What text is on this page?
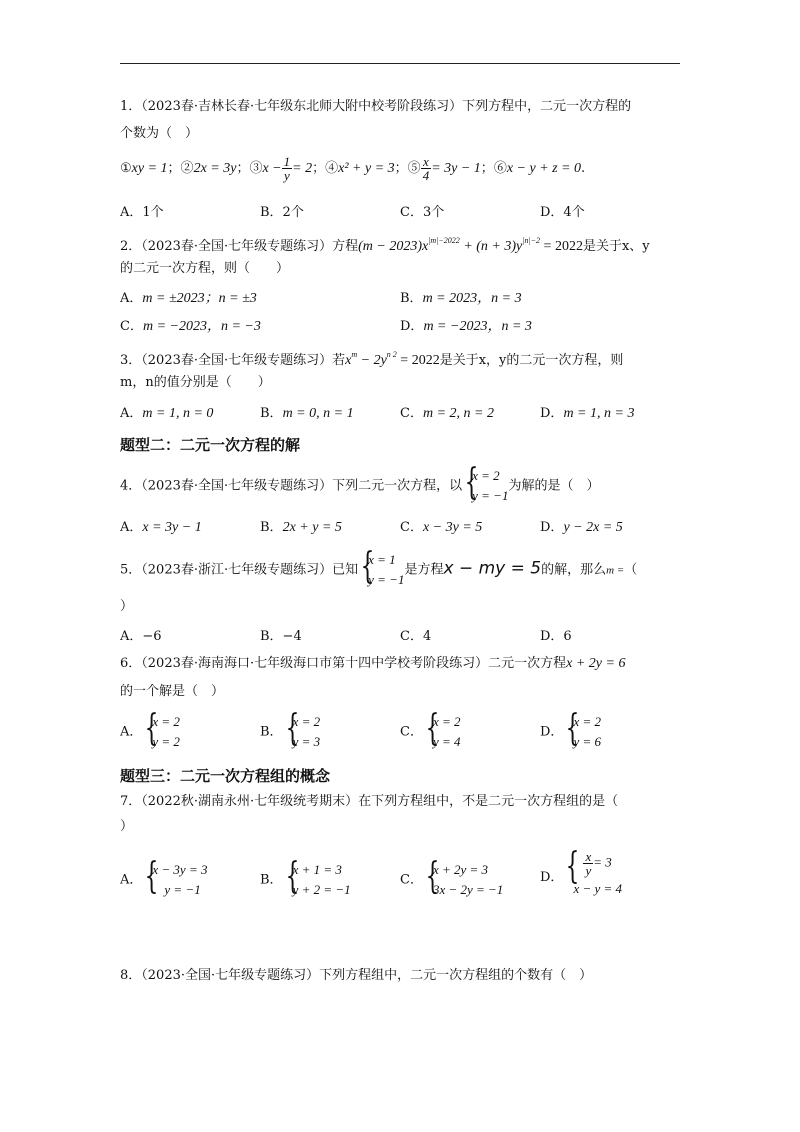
1．（2023春·吉林长春·七年级东北师大附中校考阶段练习）下列方程中，二元一次方程的
个数为（　）
①xy = 1；②2x = 3y；③x − $\frac{1}{y} = 2$；④x² + y = 3；⑤ $\frac{x}{4} = 3y - 1$；⑥x − y + z = 0.
A．1个	B．2个	C．3个	D．4个
2．（2023春·全国·七年级专题练习）方程$(m - 2023)x^{|m|-2022} + (n + 3)y^{|n|-2} = 2022$是关于x、y
的二元一次方程，则（　　）
A．m = ±2023；n = ±3	B．m = 2023，n = 3
C．m = −2023，n = −3	D．m = −2023，n = 3
3．（2023春·全国·七年级专题练习）若$x^m - 2y^{n 2} = 2022$是关于x，y的二元一次方程，则
m，n的值分别是（　　）
A．m = 1, n = 0	B．m = 0, n = 1	C．m = 2, n = 2	D．m = 1, n = 3
题型二：二元一次方程的解
4．（2023春·全国·七年级专题练习）下列二元一次方程，以
{ x = 2
y = −1
为解的是（　）
A．x = 3y − 1	B．2x + y = 5	C．x − 3y = 5	D．y − 2x = 5
5．（2023春·浙江·七年级专题练习）已知
{ x = 1
y = −1
是方程x − my = 5的解，那么m =（
）
A．−6	B．−4	C．4	D．6
6．（2023春·海南海口·七年级海口市第十四中学校考阶段练习）二元一次方程x + 2y = 6
的一个解是（　）
A．
{ x = 2
y = 2
B．
{ x = 2
y = 3
C．
{ x = 2
y = 4
D．
{ x = 2
y = 6
题型三：二元一次方程组的概念
7．（2022秋·湖南永州·七年级统考期末）在下列方程组中，不是二元一次方程组的是（
）
A．
{ x − 3y = 3
y = −1
B．
{ x + 1 = 3
y + 2 = −1
C．
{ x + 2y = 3
3x − 2y = −1
D．
{ $\frac{x}{y} = 3$
x − y = 4
8．（2023·全国·七年级专题练习）下列方程组中，二元一次方程组的个数有（　）
